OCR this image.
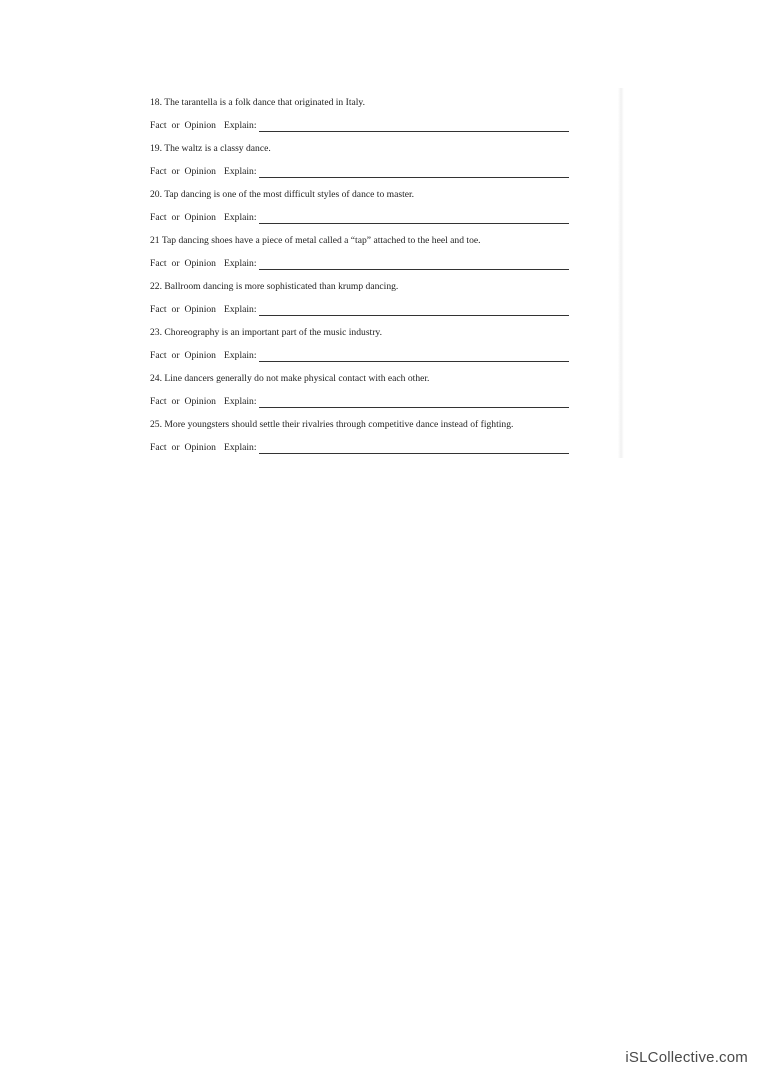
18. The tarantella is a folk dance that originated in Italy.
Fact or Opinion Explain:
19. The waltz is a classy dance.
Fact or Opinion Explain:
20. Tap dancing is one of the most difficult styles of dance to master.
Fact or Opinion Explain:
21 Tap dancing shoes have a piece of metal called a “tap” attached to the heel and toe.
Fact or Opinion Explain:
22. Ballroom dancing is more sophisticated than krump dancing.
Fact or Opinion Explain:
23. Choreography is an important part of the music industry.
Fact or Opinion Explain:
24. Line dancers generally do not make physical contact with each other.
Fact or Opinion Explain:
25. More youngsters should settle their rivalries through competitive dance instead of fighting.
Fact or Opinion Explain:
iSLCollective.com
